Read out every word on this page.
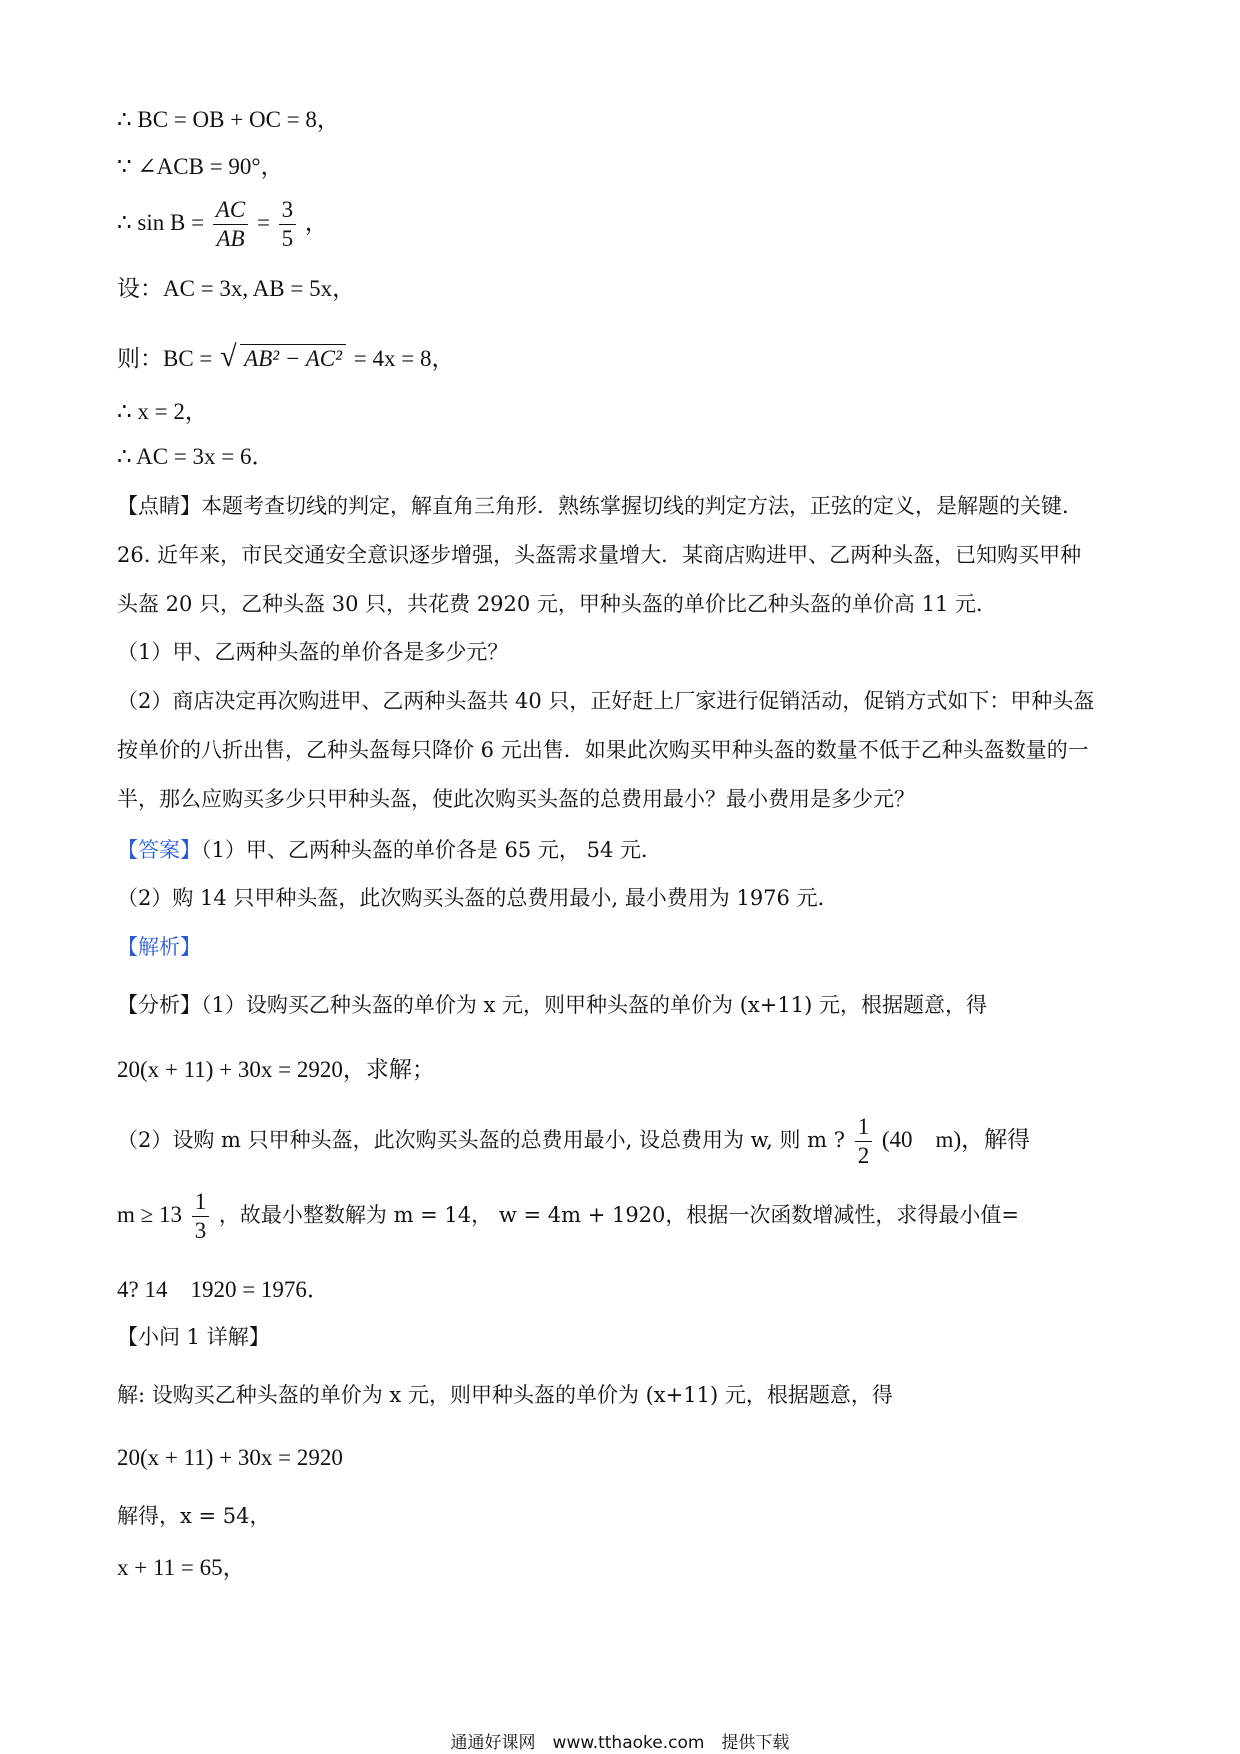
∴ BC = OB + OC = 8，
∵ ∠ACB = 90°，
∴ $\sin B = \frac{AC}{AB} = \frac{3}{5}$ ，
设：AC = 3x, AB = 5x，
则：BC = √ AB² − AC² = 4x = 8，
∴ x = 2，
∴ AC = 3x = 6．
【点睛】本题考查切线的判定，解直角三角形．熟练掌握切线的判定方法，正弦的定义，是解题的关键．
26. 近年来，市民交通安全意识逐步增强，头盔需求量增大．某商店购进甲、乙两种头盔，已知购买甲种
头盔 20 只，乙种头盔 30 只，共花费 2920 元，甲种头盔的单价比乙种头盔的单价高 11 元．
（1）甲、乙两种头盔的单价各是多少元？
（2）商店决定再次购进甲、乙两种头盔共 40 只，正好赶上厂家进行促销活动，促销方式如下：甲种头盔
按单价的八折出售，乙种头盔每只降价 6 元出售．如果此次购买甲种头盔的数量不低于乙种头盔数量的一
半，那么应购买多少只甲种头盔，使此次购买头盔的总费用最小？最小费用是多少元？
【答案】（1）甲、乙两种头盔的单价各是 65 元， 54 元．
（2）购 14 只甲种头盔，此次购买头盔的总费用最小, 最小费用为 1976 元．
【解析】
【分析】（1）设购买乙种头盔的单价为 x 元，则甲种头盔的单价为 (x+11) 元，根据题意，得
20(x + 11) + 30x = 2920，求解；
（2）设购 m 只甲种头盔，此次购买头盔的总费用最小, 设总费用为 w, 则 m ? $\frac{1}{2} (40$　m)，解得
$m \ge 13 \frac{1}{3}$ ，故最小整数解为 m = 14， w = 4m + 1920，根据一次函数增减性，求得最小值=
4? 14　1920 = 1976．
【小问 1 详解】
解: 设购买乙种头盔的单价为 x 元，则甲种头盔的单价为 (x+11) 元，根据题意，得
20(x + 11) + 30x = 2920
解得，x = 54，
x + 11 = 65，
通通好课网　www.tthaoke.com　提供下载
